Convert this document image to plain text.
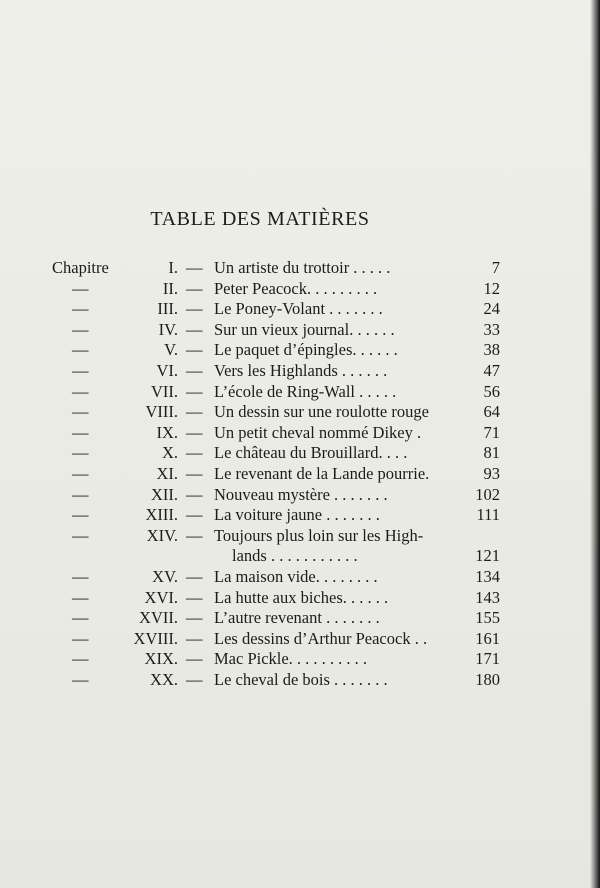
TABLE DES MATIÈRES
Chapitre	I. — Un artiste du trottoir . . . . .	7
—	II. — Peter Peacock. . . . . . . . .	12
—	III. — Le Poney-Volant . . . . . . .	24
—	IV. — Sur un vieux journal. . . . . .	33
—	V. — Le paquet d’épingles. . . . . .	38
—	VI. — Vers les Highlands . . . . . .	47
—	VII. — L’école de Ring-Wall . . . . .	56
—	VIII. — Un dessin sur une roulotte rouge	64
—	IX. — Un petit cheval nommé Dikey .	71
—	X. — Le château du Brouillard. . . .	81
—	XI. — Le revenant de la Lande pourrie.	93
—	XII. — Nouveau mystère . . . . . . .	102
—	XIII. — La voiture jaune . . . . . . .	111
—	XIV. — Toujours plus loin sur les High-
lands . . . . . . . . . . .	121
—	XV. — La maison vide. . . . . . . .	134
—	XVI. — La hutte aux biches. . . . . .	143
—	XVII. — L’autre revenant . . . . . . .	155
—	XVIII. — Les dessins d’Arthur Peacock . .	161
—	XIX. — Mac Pickle. . . . . . . . . .	171
—	XX. — Le cheval de bois . . . . . . .	180
